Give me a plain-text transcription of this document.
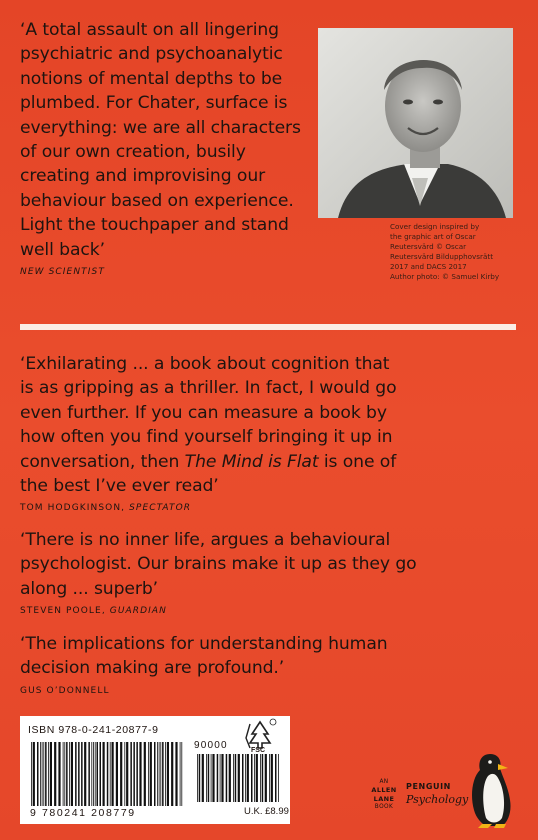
‘A total assault on all lingering
psychiatric and psychoanalytic
notions of mental depths to be
plumbed. For Chater, surface is
everything: we are all characters
of our own creation, busily
creating and improvising our
behaviour based on experience.
Light the touchpaper and stand
well back’
NEW SCIENTIST
Cover design inspired by
the graphic art of Oscar
Reutersvärd © Oscar
Reutersvärd Bildupphovsrätt
2017 and DACS 2017
Author photo: © Samuel Kirby
‘Exhilarating ... a book about cognition that
is as gripping as a thriller. In fact, I would go
even further. If you can measure a book by
how often you find yourself bringing it up in
conversation, then The Mind is Flat is one of
the best I’ve ever read’
TOM HODGKINSON, SPECTATOR
‘There is no inner life, argues a behavioural
psychologist. Our brains make it up as they go
along ... superb’
STEVEN POOLE, GUARDIAN
‘The implications for understanding human
decision making are profound.’
GUS O’DONNELL
ISBN 978-0-241-20877-9
9 780241 208779
90000	FSC
U.K. £8.99
AN
ALLEN
LANE
BOOK
PENGUIN
Psychology
